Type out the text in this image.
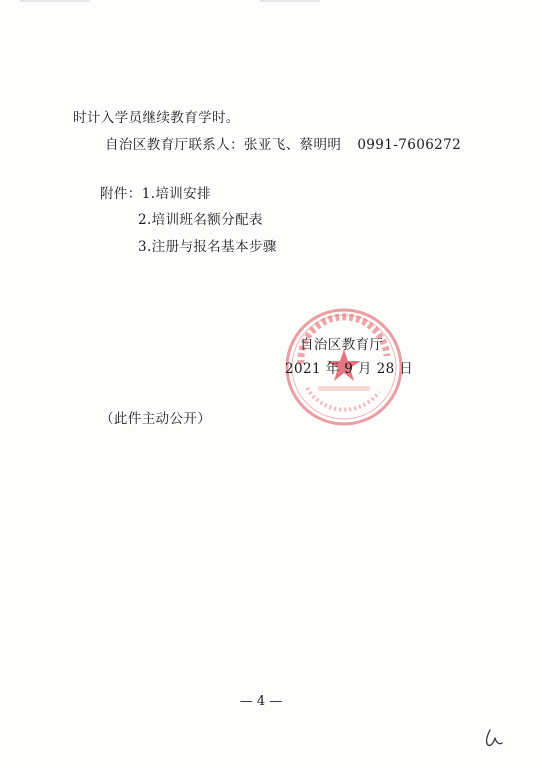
时计入学员继续教育学时。
自治区教育厅联系人：张亚飞、蔡明明 0991-7606272
附件：1.培训安排
2.培训班名额分配表
3.注册与报名基本步骤
自治区教育厅
2021 年 9 月 28 日
（此件主动公开）
— 4 —
